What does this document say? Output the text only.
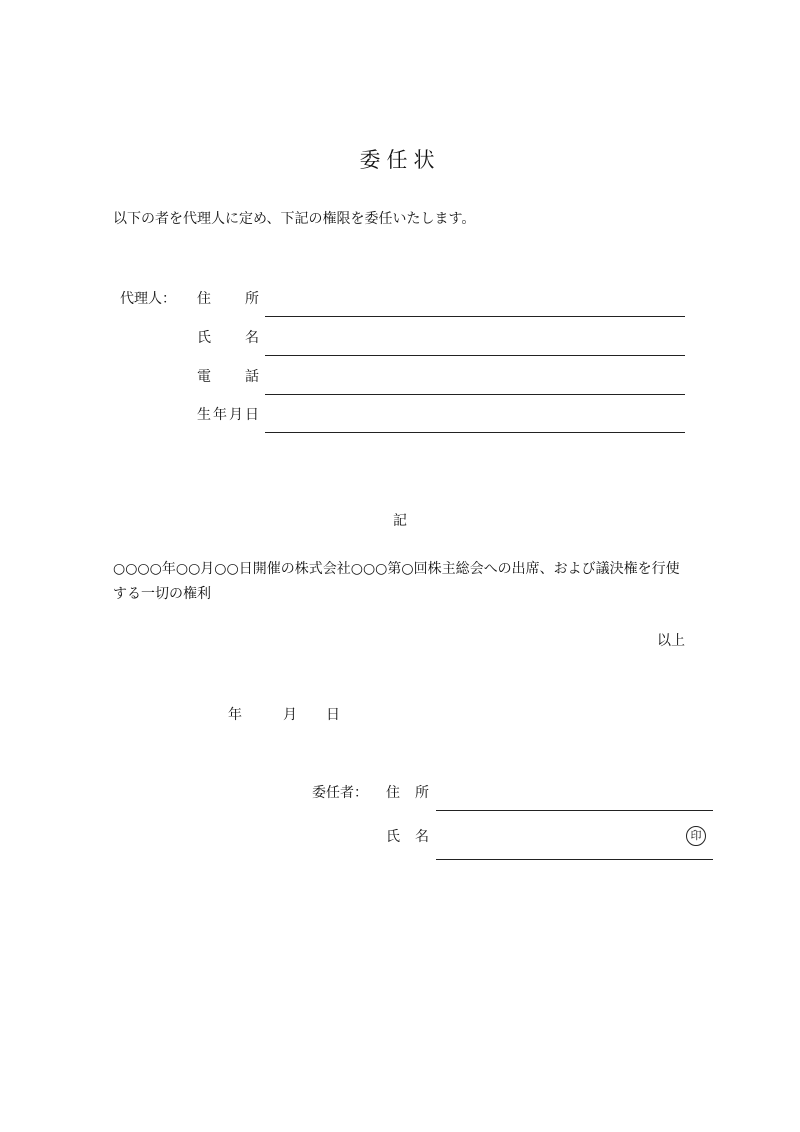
委任状
以下の者を代理人に定め、下記の権限を委任いたします。
代理人： 住 所
氏 名
電 話
生年月日
記
○○○○年○○月○○日開催の株式会社○○○第○回株主総会への出席、および議決権を行使する一切の権利
以上
年	月 日
委任者： 住 所
氏 名	印
